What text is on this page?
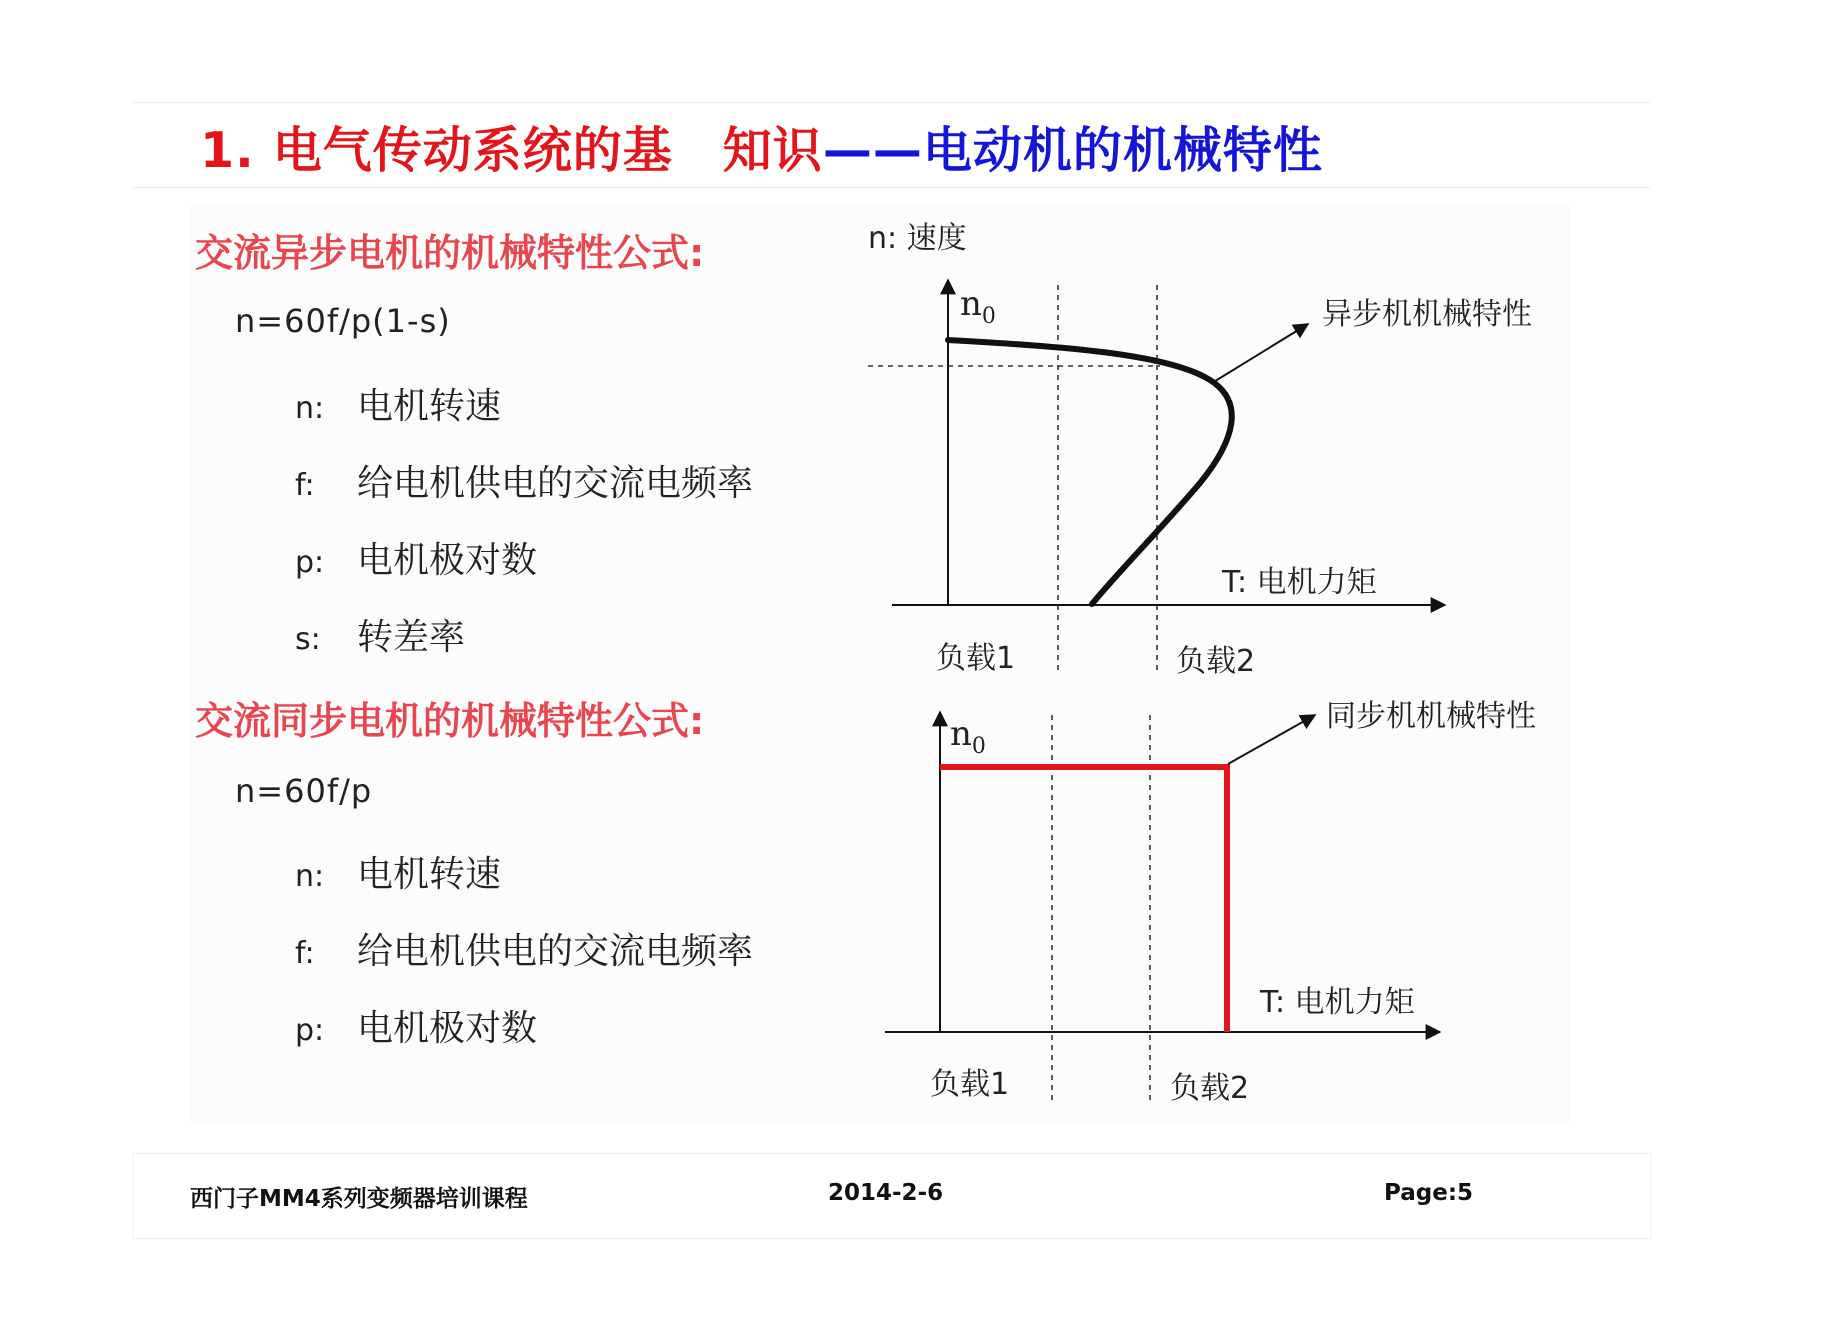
1. 电气传动系统的基 知识——电动机的机械特性
交流异步电机的机械特性公式:
n=60f/p(1-s)
n: 电机转速
f: 给电机供电的交流电频率
p: 电机极对数
s: 转差率
交流同步电机的机械特性公式:
n=60f/p
n: 电机转速
f: 给电机供电的交流电频率
p: 电机极对数
n: 速度
n0	异步机机械特性
T: 电机力矩
负载1	负载2
n0
同步机机械特性
T: 电机力矩
负载1	负载2
西门子MM4系列变频器培训课程	2014-2-6	Page:5
